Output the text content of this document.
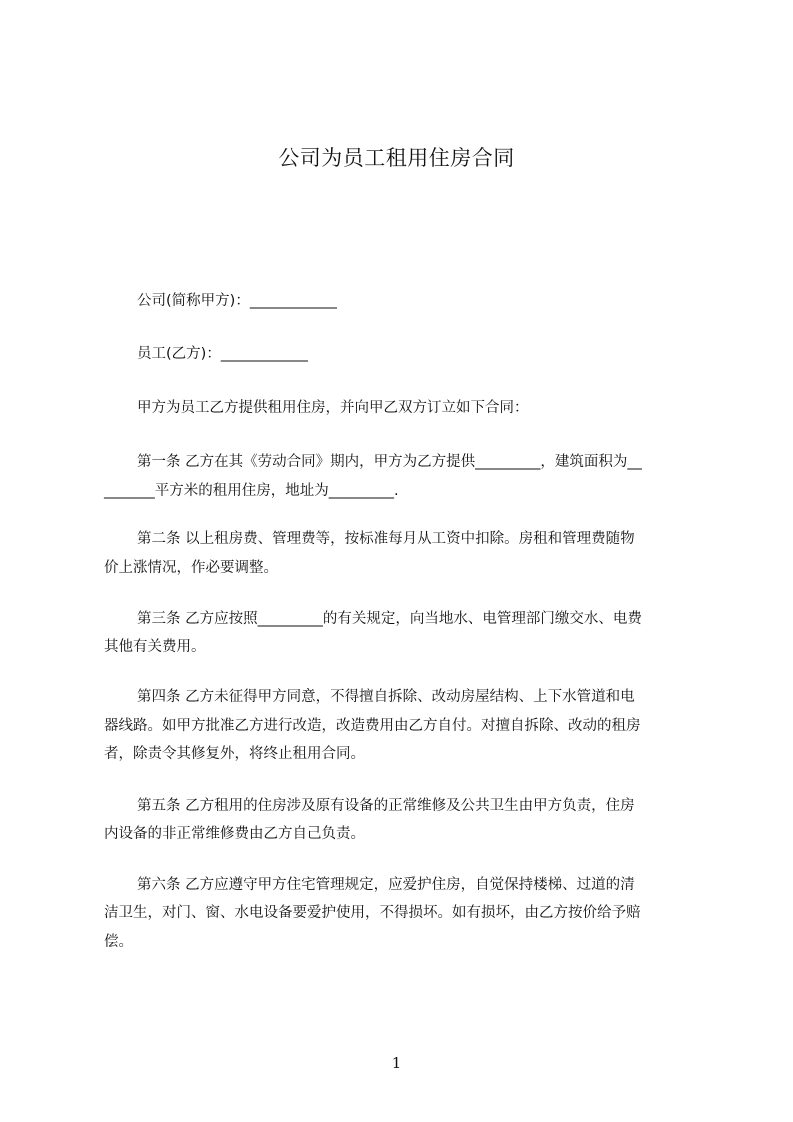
公司为员工租用住房合同
公司(简称甲方)：____________
员工(乙方)：____________
甲方为员工乙方提供租用住房，并向甲乙双方订立如下合同：
第一条 乙方在其《劳动合同》期内，甲方为乙方提供_________，建筑面积为__
_______平方米的租用住房，地址为_________.
第二条 以上租房费、管理费等，按标准每月从工资中扣除。房租和管理费随物
价上涨情况，作必要调整。
第三条 乙方应按照_________的有关规定，向当地水、电管理部门缴交水、电费
其他有关费用。
第四条 乙方未征得甲方同意，不得擅自拆除、改动房屋结构、上下水管道和电
器线路。如甲方批准乙方进行改造，改造费用由乙方自付。对擅自拆除、改动的租房
者，除责令其修复外，将终止租用合同。
第五条 乙方租用的住房涉及原有设备的正常维修及公共卫生由甲方负责，住房
内设备的非正常维修费由乙方自己负责。
第六条 乙方应遵守甲方住宅管理规定，应爱护住房，自觉保持楼梯、过道的清
洁卫生，对门、窗、水电设备要爱护使用，不得损坏。如有损坏，由乙方按价给予赔
偿。
1
